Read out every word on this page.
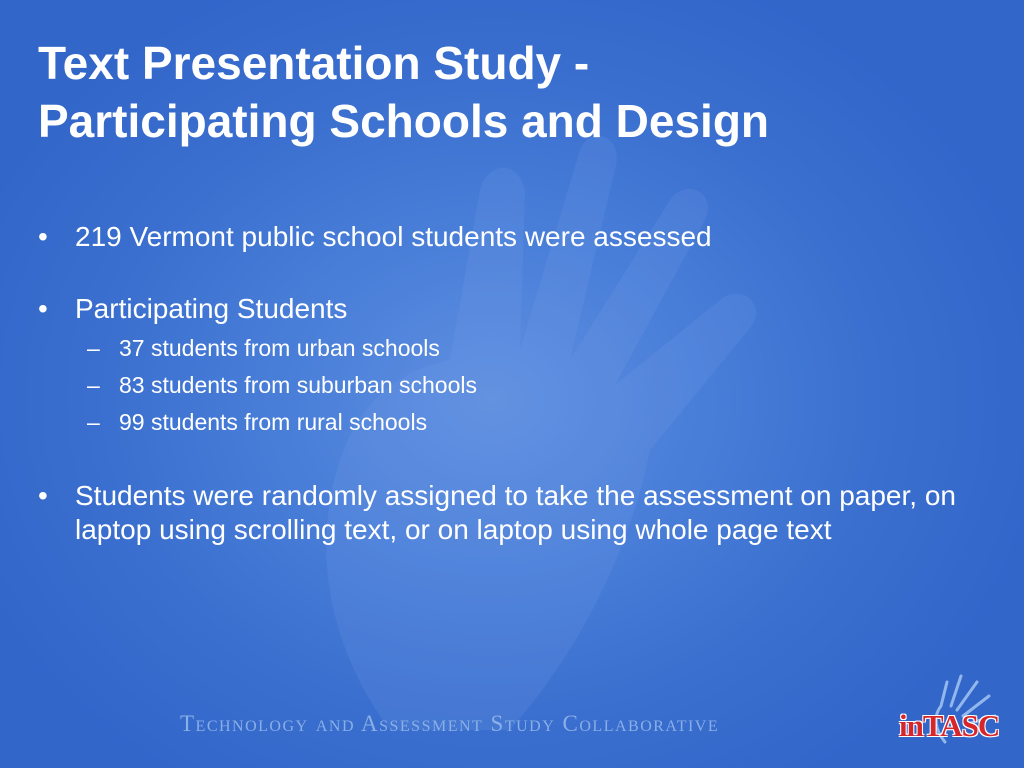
Text Presentation Study -
Participating Schools and Design
• 219 Vermont public school students were assessed
• Participating Students
– 37 students from urban schools
– 83 students from suburban schools
– 99 students from rural schools
• Students were randomly assigned to take the assessment on paper, on laptop using scrolling text, or on laptop using whole page text
Technology and Assessment Study Collaborative	inTASC
